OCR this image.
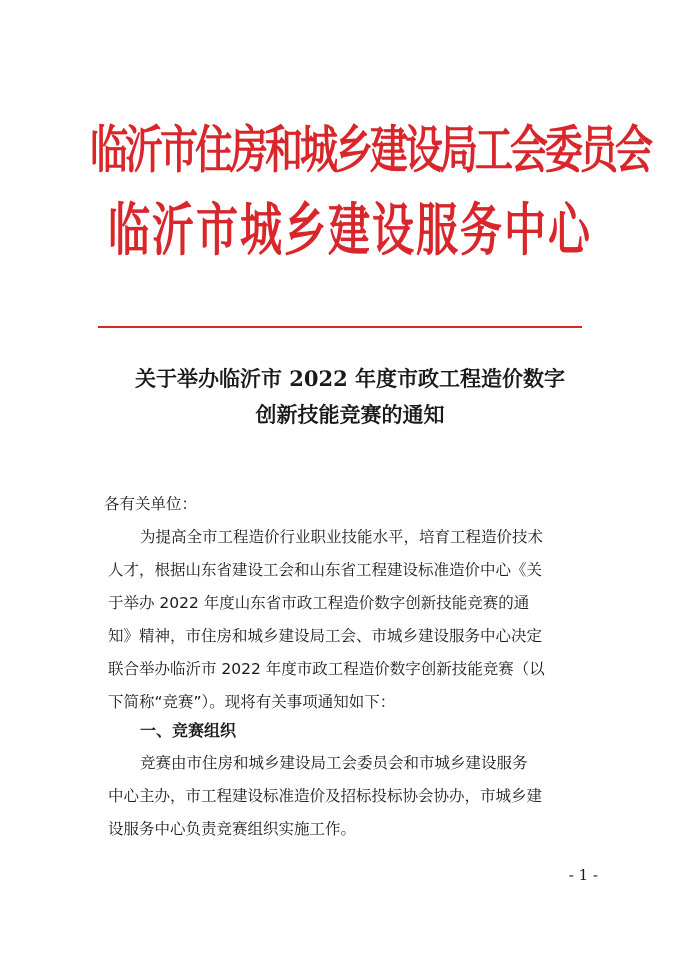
临沂市住房和城乡建设局工会委员会
临沂市城乡建设服务中心
关于举办临沂市 2022 年度市政工程造价数字
创新技能竞赛的通知
各有关单位：
为提高全市工程造价行业职业技能水平，培育工程造价技术
人才，根据山东省建设工会和山东省工程建设标准造价中心《关
于举办 2022 年度山东省市政工程造价数字创新技能竞赛的通
知》精神，市住房和城乡建设局工会、市城乡建设服务中心决定
联合举办临沂市 2022 年度市政工程造价数字创新技能竞赛（以
下简称“竞赛”）。现将有关事项通知如下：
一、竞赛组织
竞赛由市住房和城乡建设局工会委员会和市城乡建设服务
中心主办，市工程建设标准造价及招标投标协会协办，市城乡建
设服务中心负责竞赛组织实施工作。
- 1 -
